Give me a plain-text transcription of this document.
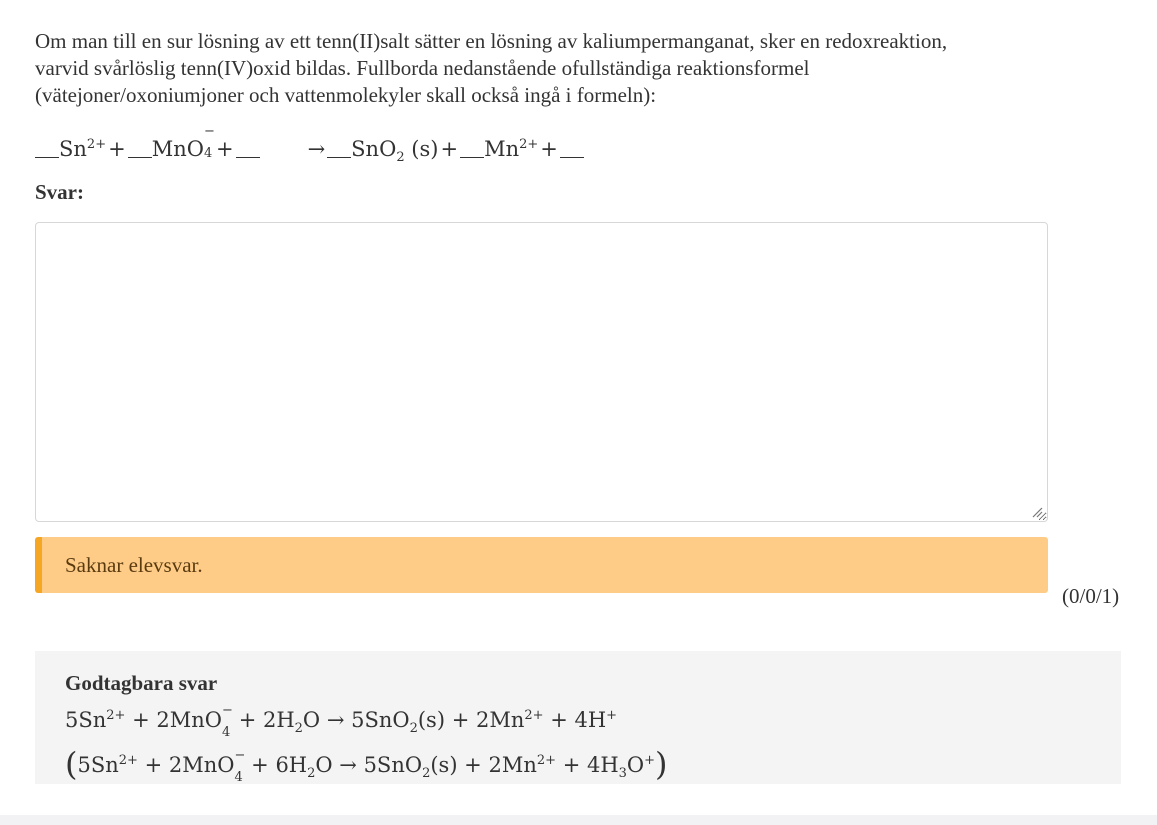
Om man till en sur lösning av ett tenn(II)salt sätter en lösning av kaliumpermanganat, sker en redoxreaktion, varvid svårlöslig tenn(IV)oxid bildas. Fullborda nedanstående ofullständiga reaktionsformel (vätejoner/oxoniumjoner och vattenmolekyler skall också ingå i formeln):

$Sn^{2+}+$ MnO
−
4 +	→ SnO$_2$ $(s)+ Mn^{2+}+$
Svar:
Saknar elevsvar.
(0/0/1)
Godtagbara svar
$5Sn^{2+} + 2MnO$ −
4
+ $2H_2O \to 5SnO_2(s) + 2Mn^{2+} + 4H^+$
($5Sn^{2+} + 2MnO$ −
4
+ $6H_2O \to 5SnO_2(s) + 2Mn^{2+} + 4H_3O^+$)
